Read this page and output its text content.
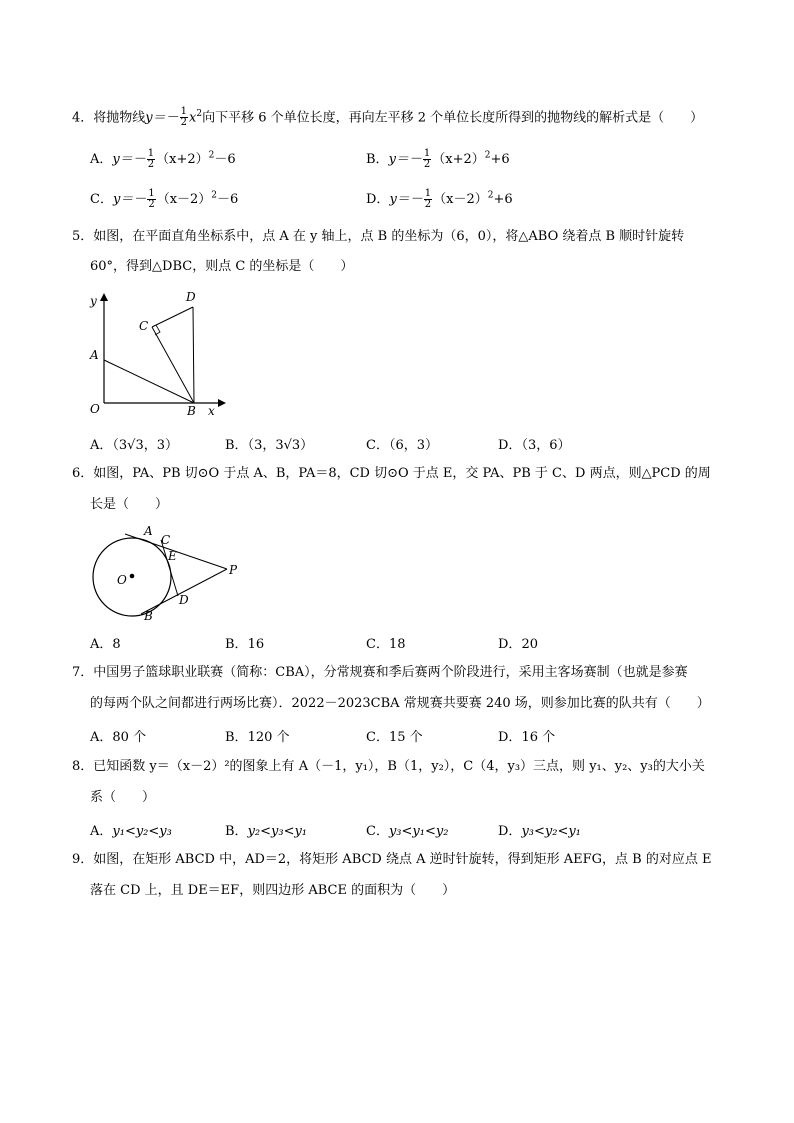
4．将抛物线$y=- \frac{1}{2} x^2$向下平移 6 个单位长度，再向左平移 2 个单位长度所得到的抛物线的解析式是（　　）
A．$y=- \frac{1}{2} (x+2)^2-6$	B．$y=- \frac{1}{2} (x+2)^2+6$
C．$y=- \frac{1}{2} (x-2)^2-6$	D．$y=- \frac{1}{2} (x-2)^2+6$
5．如图，在平面直角坐标系中，点 A 在 y 轴上，点 B 的坐标为（6，0），将△ABO 绕着点 B 顺时针旋转
60°，得到△DBC，则点 C 的坐标是（　　）
y
x
O
A
B
C
D
A．（3√3，3）	B．（3，3√3）	C．（6，3）	D．（3，6）
6．如图，PA、PB 切⊙O 于点 A、B，PA＝8，CD 切⊙O 于点 E，交 PA、PB 于 C、D 两点，则△PCD 的周
长是（　　）
A
B
C
D
E
O
P
A．8	B．16	C．18	D．20
7．中国男子篮球职业联赛（简称：CBA），分常规赛和季后赛两个阶段进行，采用主客场赛制（也就是参赛
的每两个队之间都进行两场比赛）．2022－2023CBA 常规赛共要赛 240 场，则参加比赛的队共有（　　）
A．80 个	B．120 个	C．15 个	D．16 个
8．已知函数 y＝（x－2）²的图象上有 A（－1，y₁），B（1，y₂），C（4，y₃）三点，则 y₁、y₂、y₃的大小关
系（　　）
A．y₁<y₂<y₃	B．y₂<y₃<y₁	C．y₃<y₁<y₂	D．y₃<y₂<y₁
9．如图，在矩形 ABCD 中，AD＝2，将矩形 ABCD 绕点 A 逆时针旋转，得到矩形 AEFG，点 B 的对应点 E
落在 CD 上，且 DE＝EF，则四边形 ABCE 的面积为（　　）
